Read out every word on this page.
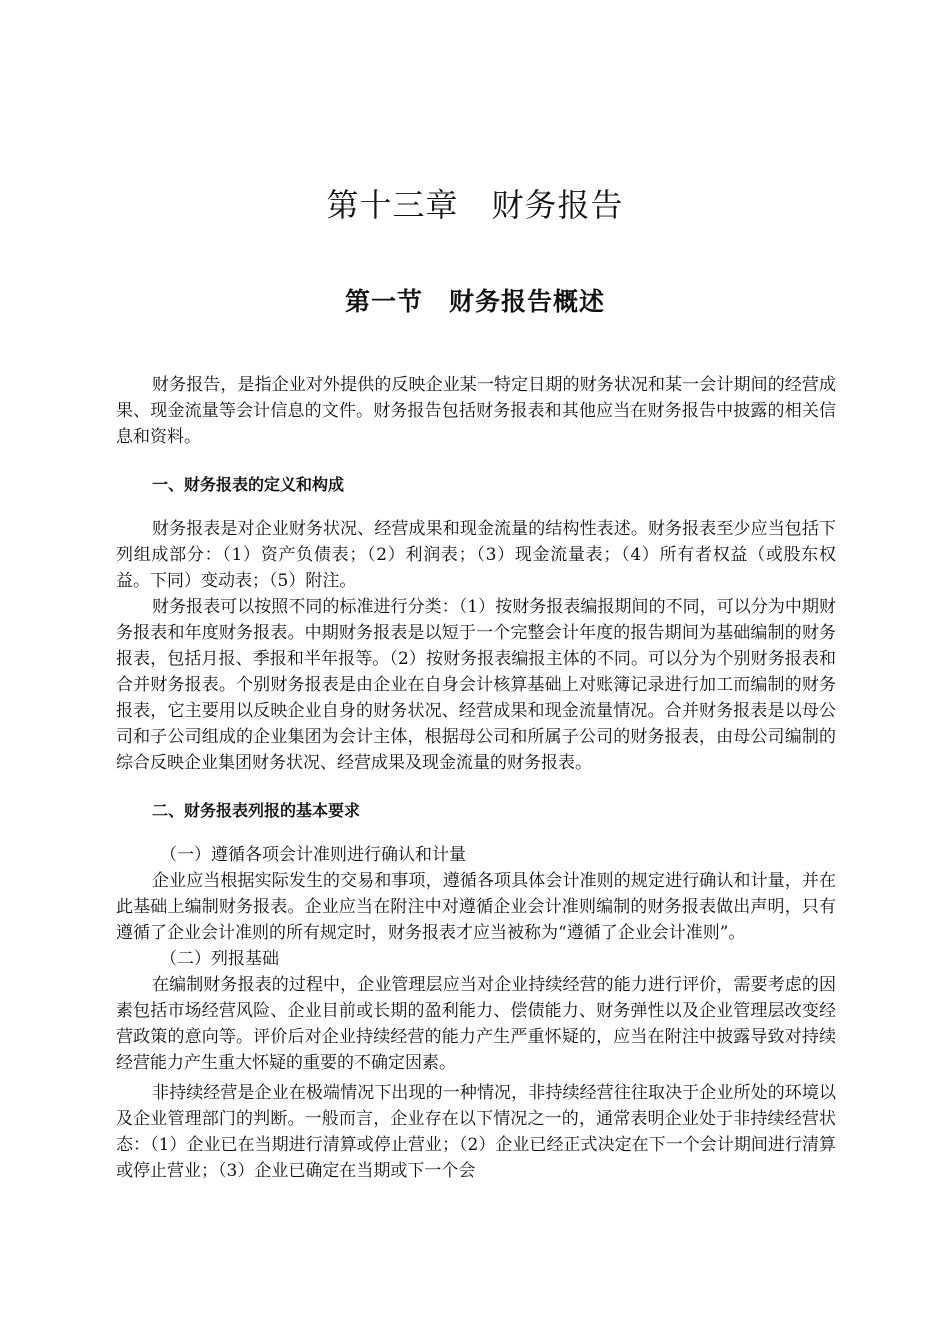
第十三章　财务报告
第一节　财务报告概述

财务报告，是指企业对外提供的反映企业某一特定日期的财务状况和某一会计期间的经营成果、现金流量等会计信息的文件。财务报告包括财务报表和其他应当在财务报告中披露的相关信息和资料。

一、财务报表的定义和构成

财务报表是对企业财务状况、经营成果和现金流量的结构性表述。财务报表至少应当包括下列组成部分：（1）资产负债表；（2）利润表；（3）现金流量表；（4）所有者权益（或股东权益。下同）变动表；（5）附注。

财务报表可以按照不同的标准进行分类：（1）按财务报表编报期间的不同，可以分为中期财务报表和年度财务报表。中期财务报表是以短于一个完整会计年度的报告期间为基础编制的财务报表，包括月报、季报和半年报等。（2）按财务报表编报主体的不同。可以分为个别财务报表和合并财务报表。个别财务报表是由企业在自身会计核算基础上对账簿记录进行加工而编制的财务报表，它主要用以反映企业自身的财务状况、经营成果和现金流量情况。合并财务报表是以母公司和子公司组成的企业集团为会计主体，根据母公司和所属子公司的财务报表，由母公司编制的综合反映企业集团财务状况、经营成果及现金流量的财务报表。

二、财务报表列报的基本要求

（一）遵循各项会计准则进行确认和计量

企业应当根据实际发生的交易和事项，遵循各项具体会计准则的规定进行确认和计量，并在此基础上编制财务报表。企业应当在附注中对遵循企业会计准则编制的财务报表做出声明，只有遵循了企业会计准则的所有规定时，财务报表才应当被称为“遵循了企业会计准则”。

（二）列报基础

在编制财务报表的过程中，企业管理层应当对企业持续经营的能力进行评价，需要考虑的因素包括市场经营风险、企业目前或长期的盈利能力、偿债能力、财务弹性以及企业管理层改变经营政策的意向等。评价后对企业持续经营的能力产生严重怀疑的，应当在附注中披露导致对持续经营能力产生重大怀疑的重要的不确定因素。

非持续经营是企业在极端情况下出现的一种情况，非持续经营往往取决于企业所处的环境以及企业管理部门的判断。一般而言，企业存在以下情况之一的，通常表明企业处于非持续经营状态：（1）企业已在当期进行清算或停止营业；（2）企业已经正式决定在下一个会计期间进行清算或停止营业；（3）企业已确定在当期或下一个会
